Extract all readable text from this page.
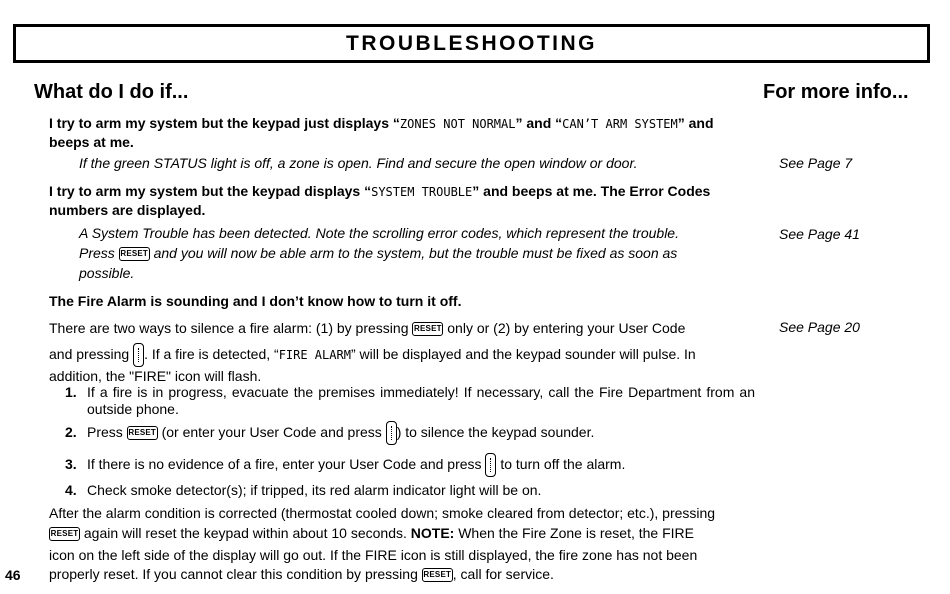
TROUBLESHOOTING
What do I do if...	For more info...
I try to arm my system but the keypad just displays “ZONES NOT NORMAL” and “CAN’T ARM SYSTEM” and beeps at me.
If the green STATUS light is off, a zone is open. Find and secure the open window or door.	See Page 7
I try to arm my system but the keypad displays “SYSTEM TROUBLE” and beeps at me. The Error Codes numbers are displayed.
A System Trouble has been detected. Note the scrolling error codes, which represent the trouble.
Press RESET and you will now be able arm to the system, but the trouble must be fixed as soon as
possible.
See Page 41
The Fire Alarm is sounding and I don’t know how to turn it off.
There are two ways to silence a fire alarm: (1) by pressing RESET only or (2) by entering your User Code
and pressing . If a fire is detected, “FIRE ALARM” will be displayed and the keypad sounder will pulse. In
addition, the "FIRE" icon will flash.
See Page 20
1. If a fire is in progress, evacuate the premises immediately! If necessary, call the Fire Department from an outside phone.
2. Press RESET (or enter your User Code and press ) to silence the keypad sounder.
3. If there is no evidence of a fire, enter your User Code and press to turn off the alarm.
4. Check smoke detector(s); if tripped, its red alarm indicator light will be on.
After the alarm condition is corrected (thermostat cooled down; smoke cleared from detector; etc.), pressing
RESET again will reset the keypad within about 10 seconds. NOTE: When the Fire Zone is reset, the FIRE
icon on the left side of the display will go out. If the FIRE icon is still displayed, the fire zone has not been
properly reset. If you cannot clear this condition by pressing RESET , call for service.
46
